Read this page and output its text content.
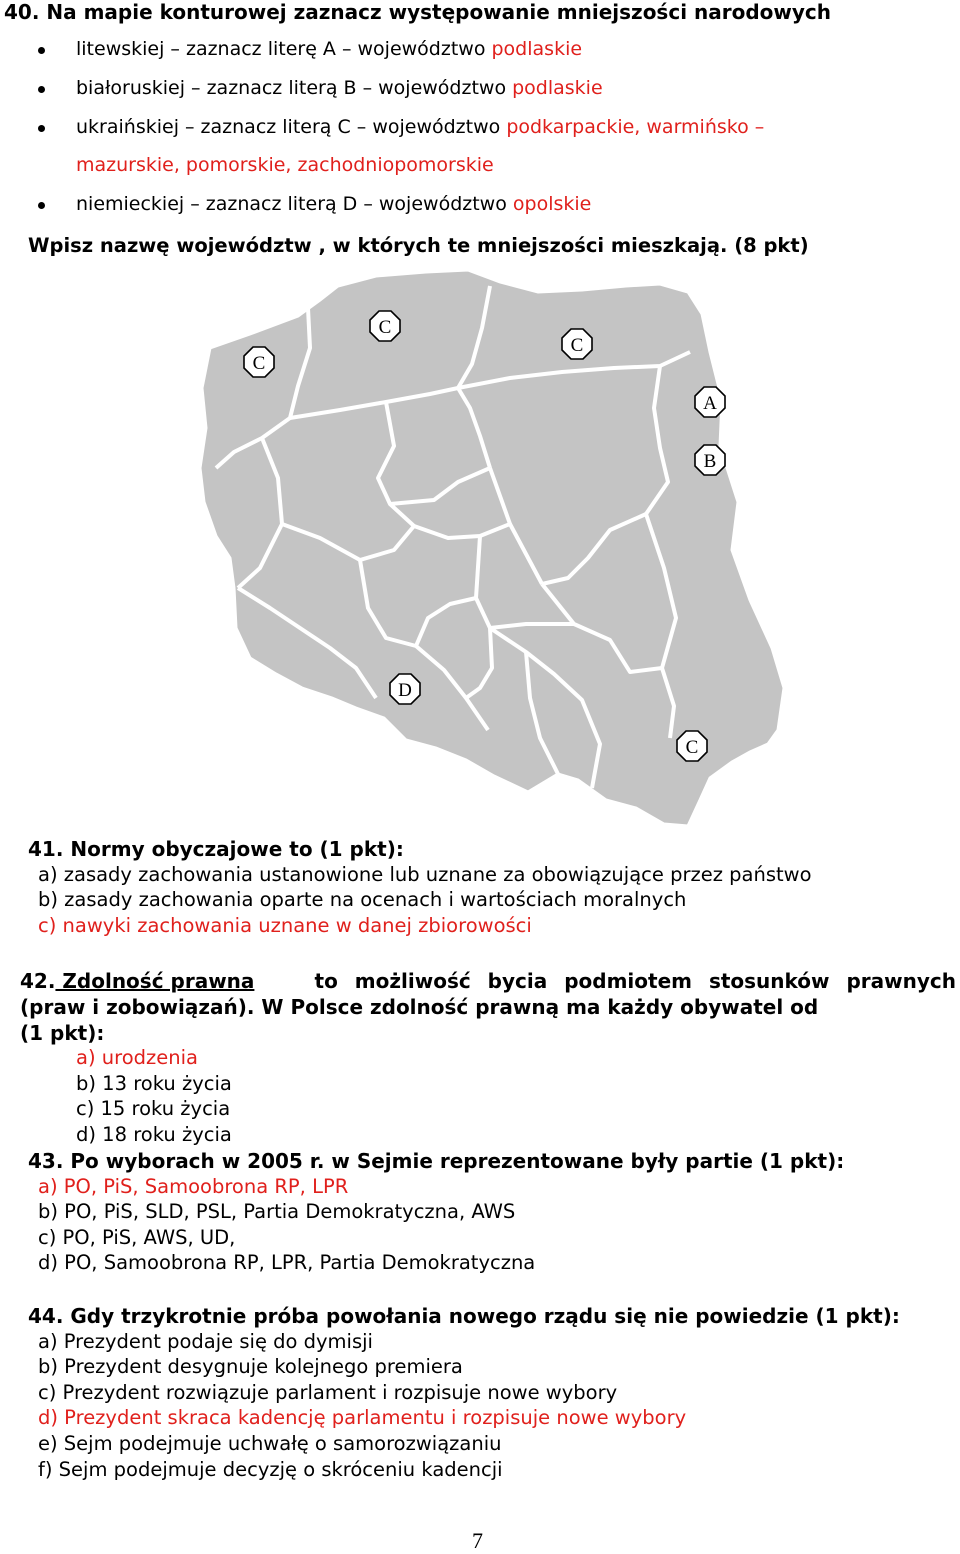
40. Na mapie konturowej zaznacz występowanie mniejszości narodowych
litewskiej – zaznacz literę A – województwo podlaskie
białoruskiej – zaznacz literą B – województwo podlaskie
ukraińskiej – zaznacz literą C – województwo podkarpackie, warmińsko –
mazurskie, pomorskie, zachodniopomorskie
niemieckiej – zaznacz literą D – województwo opolskie
Wpisz nazwę województw , w których te mniejszości mieszkają. (8 pkt)
C
C
C
A
B
D
C
41. Normy obyczajowe to (1 pkt):
a) zasady zachowania ustanowione lub uznane za obowiązujące przez państwo
b) zasady zachowania oparte na ocenach i wartościach moralnych
c) nawyki zachowania uznane w danej zbiorowości
42. Zdolność prawna	to możliwość bycia podmiotem stosunków prawnych
(praw i zobowiązań). W Polsce zdolność prawną ma każdy obywatel od
(1 pkt):
a) urodzenia
b) 13 roku życia
c) 15 roku życia
d) 18 roku życia
43. Po wyborach w 2005 r. w Sejmie reprezentowane były partie (1 pkt):
a) PO, PiS, Samoobrona RP, LPR
b) PO, PiS, SLD, PSL, Partia Demokratyczna, AWS
c) PO, PiS, AWS, UD,
d) PO, Samoobrona RP, LPR, Partia Demokratyczna
44. Gdy trzykrotnie próba powołania nowego rządu się nie powiedzie (1 pkt):
a) Prezydent podaje się do dymisji
b) Prezydent desygnuje kolejnego premiera
c) Prezydent rozwiązuje parlament i rozpisuje nowe wybory
d) Prezydent skraca kadencję parlamentu i rozpisuje nowe wybory
e) Sejm podejmuje uchwałę o samorozwiązaniu
f) Sejm podejmuje decyzję o skróceniu kadencji
7
